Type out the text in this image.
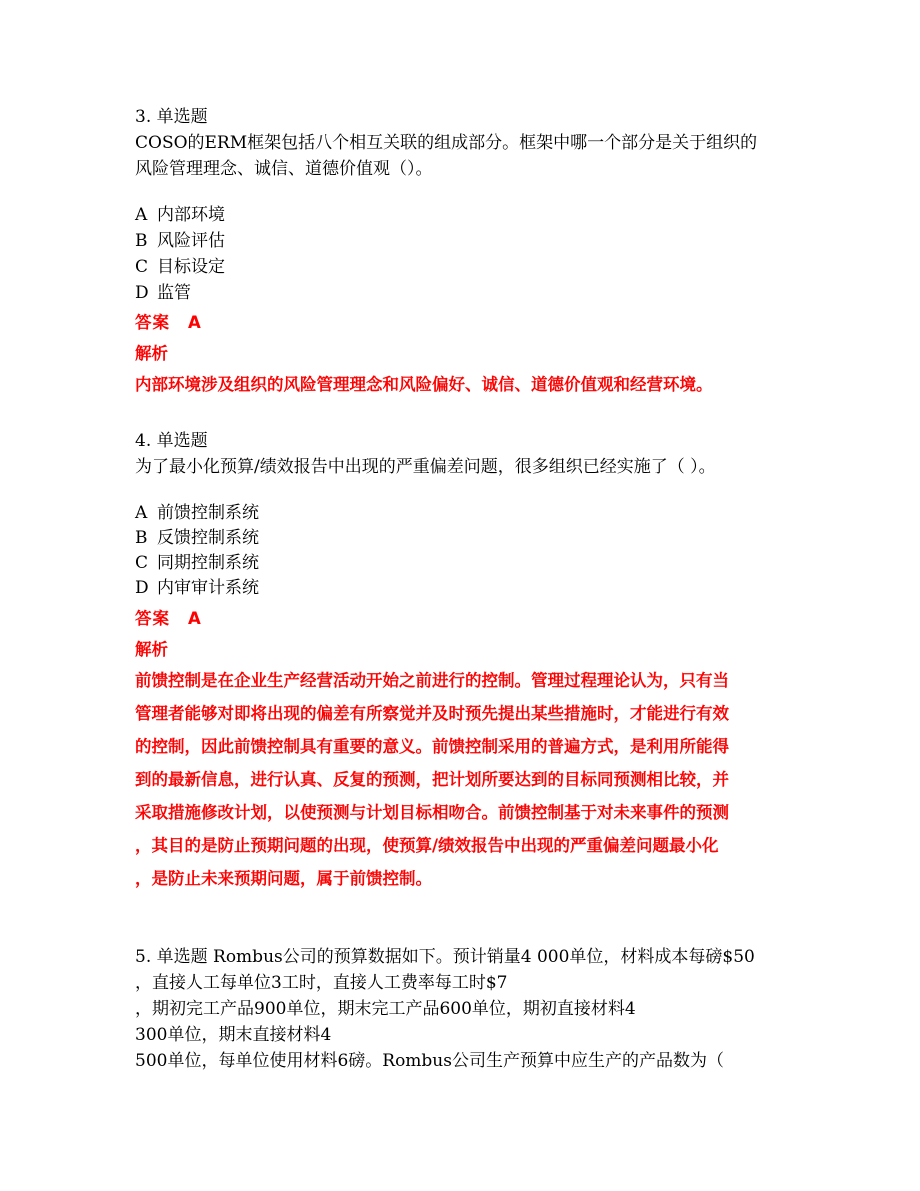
3. 单选题
COSO的ERM框架包括八个相互关联的组成部分。框架中哪一个部分是关于组织的
风险管理理念、诚信、道德价值观（）。
A 内部环境
B 风险评估
C 目标设定
D 监管
答案 A
解析
内部环境涉及组织的风险管理理念和风险偏好、诚信、道德价值观和经营环境。
4. 单选题
为了最小化预算/绩效报告中出现的严重偏差问题，很多组织已经实施了（ ）。
A 前馈控制系统
B 反馈控制系统
C 同期控制系统
D 内审审计系统
答案 A
解析
前馈控制是在企业生产经营活动开始之前进行的控制。管理过程理论认为，只有当
管理者能够对即将出现的偏差有所察觉并及时预先提出某些措施时，才能进行有效
的控制，因此前馈控制具有重要的意义。前馈控制采用的普遍方式，是利用所能得
到的最新信息，进行认真、反复的预测，把计划所要达到的目标同预测相比较，并
采取措施修改计划，以使预测与计划目标相吻合。前馈控制基于对未来事件的预测
，其目的是防止预期问题的出现，使预算/绩效报告中出现的严重偏差问题最小化
，是防止未来预期问题，属于前馈控制。
5. 单选题 Rombus公司的预算数据如下。预计销量4 000单位，材料成本每磅$50
，直接人工每单位3工时，直接人工费率每工时$7
，期初完工产品900单位，期末完工产品600单位，期初直接材料4
300单位，期末直接材料4
500单位，每单位使用材料6磅。Rombus公司生产预算中应生产的产品数为（
